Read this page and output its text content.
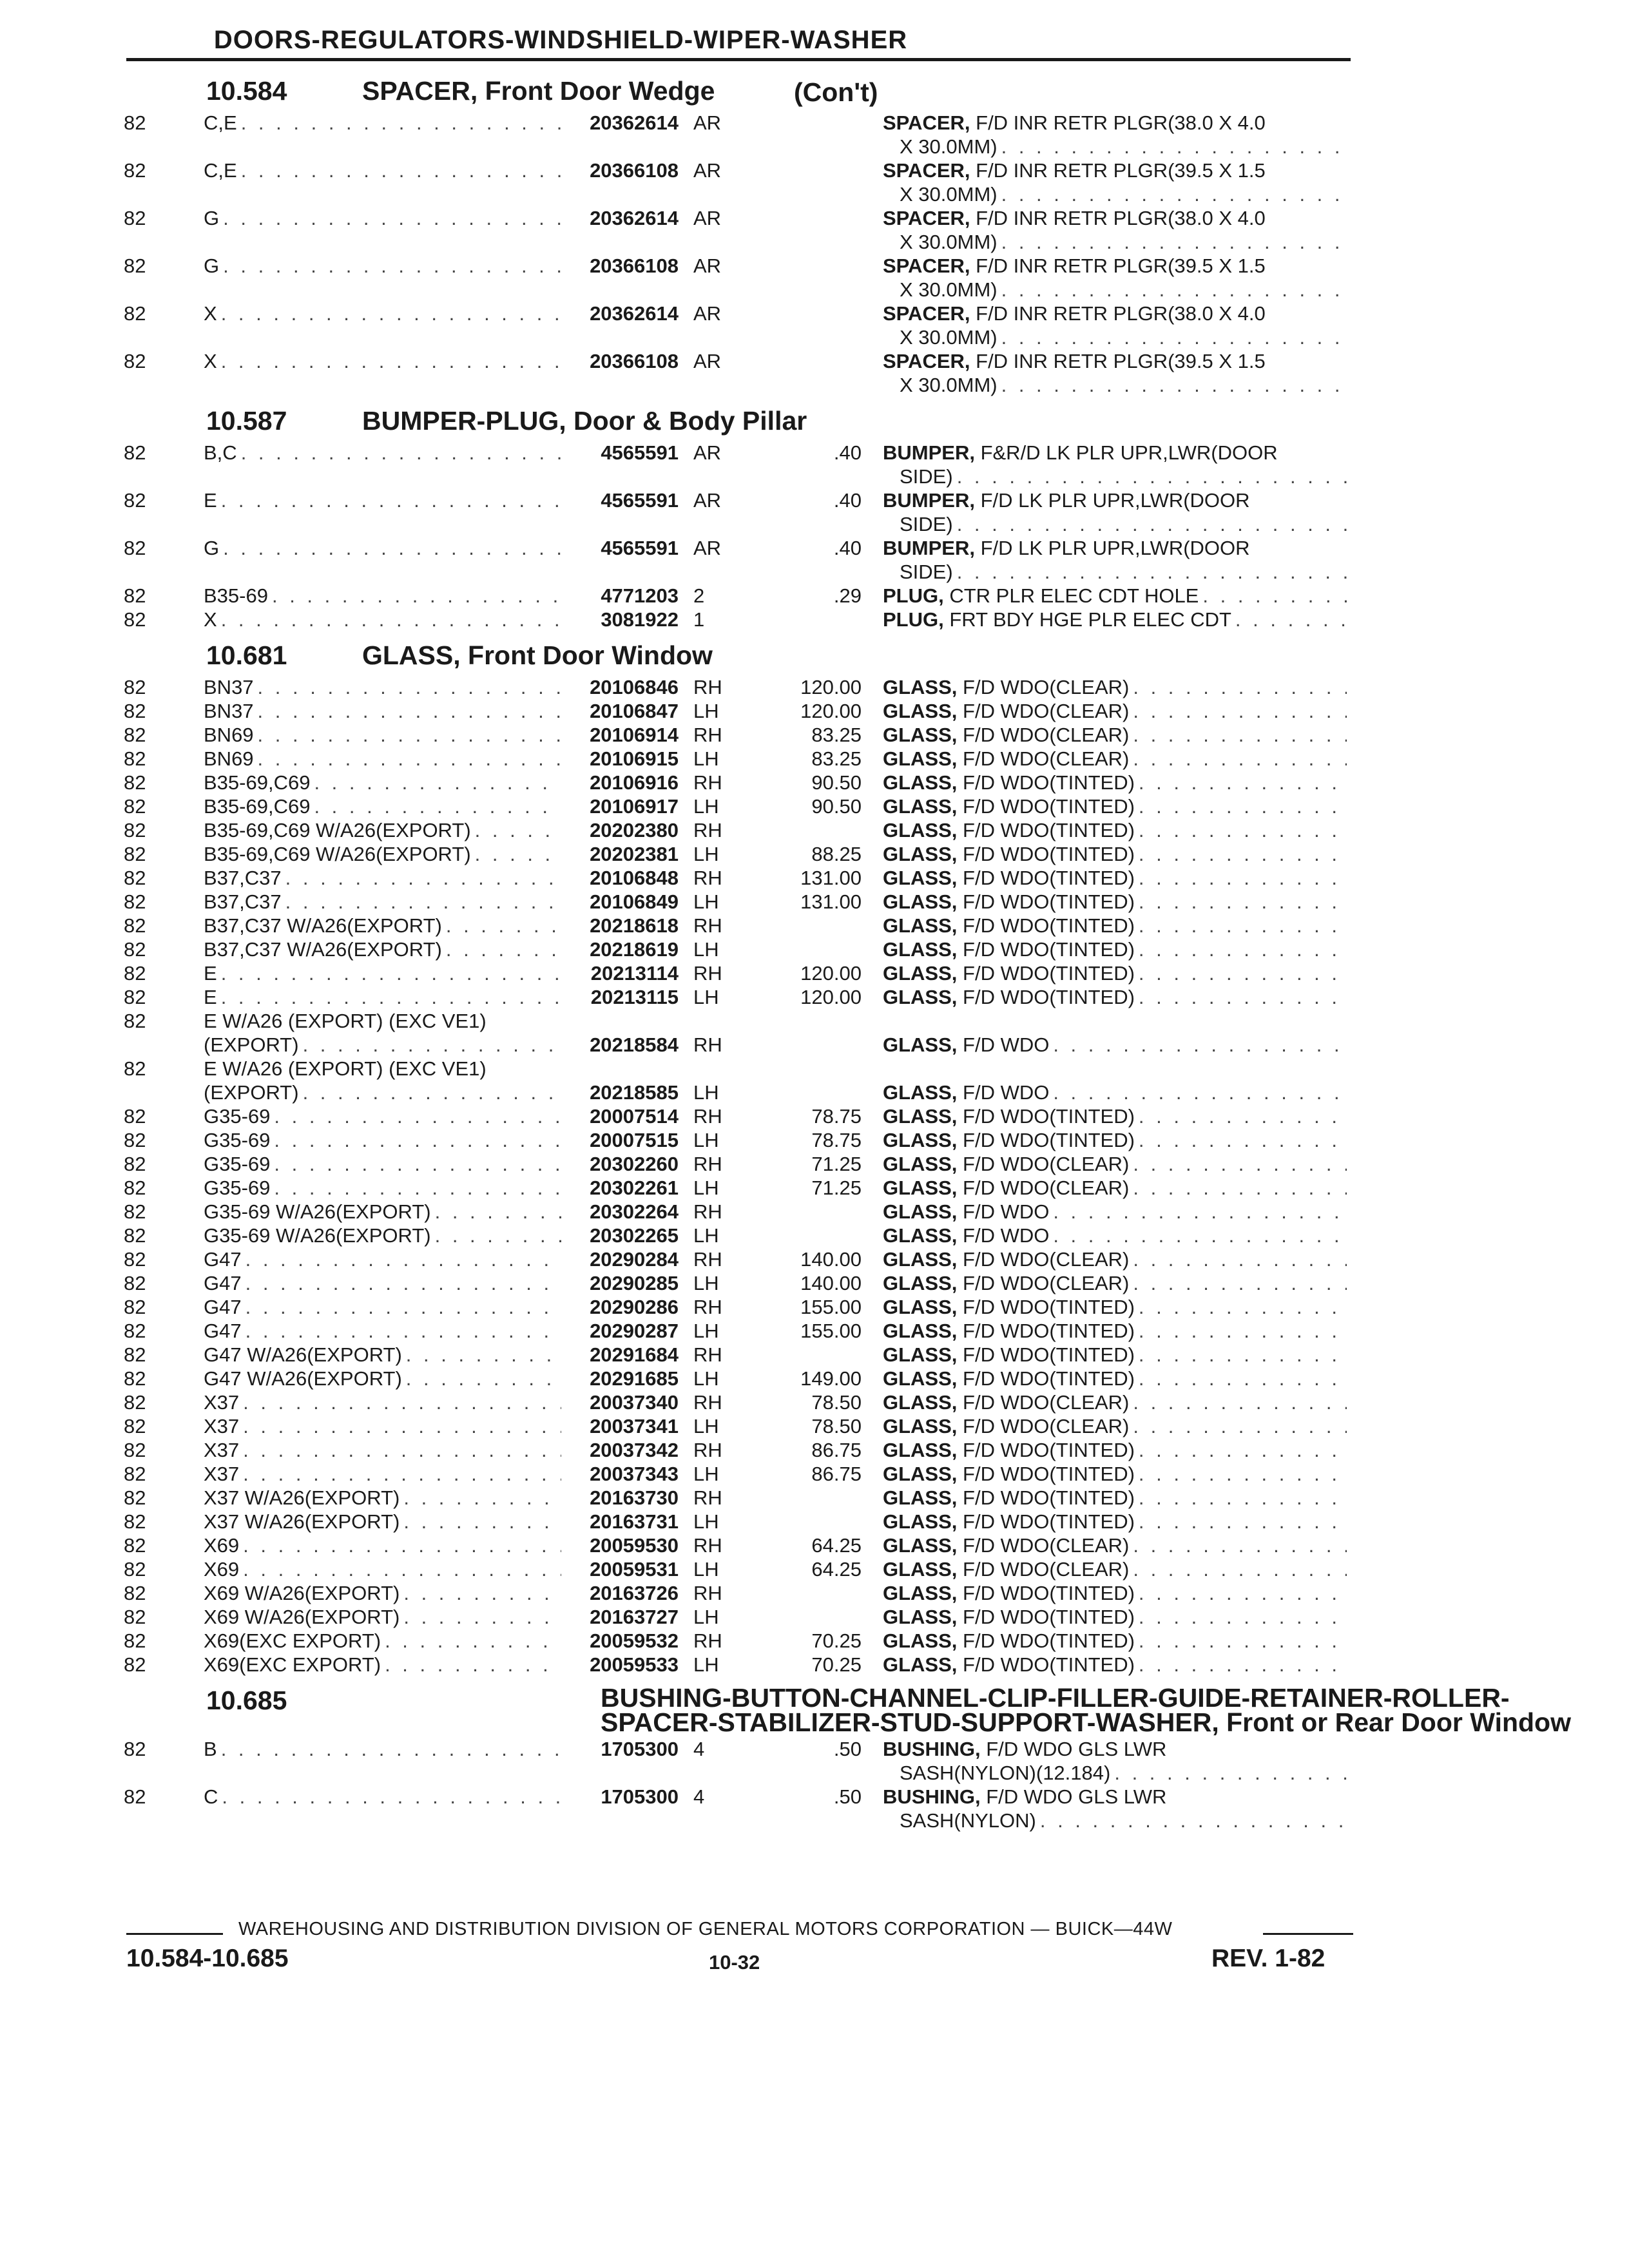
DOORS-REGULATORS-WINDSHIELD-WIPER-WASHER
10.584	SPACER, Front Door Wedge	(Con't)
82	C,E . . .	20362614 AR	SPACER, F/D INR RETR PLGR(38.0 X 4.0
X 30.0MM)
. . .
82	C,E . . .	20366108 AR	SPACER, F/D INR RETR PLGR(39.5 X 1.5
X 30.0MM)
. . .
82	G . . .	20362614 AR	SPACER, F/D INR RETR PLGR(38.0 X 4.0
X 30.0MM)
. . .
82	G . . .	20366108 AR	SPACER, F/D INR RETR PLGR(39.5 X 1.5
X 30.0MM)
. . .
82	X . . .	20362614 AR	SPACER, F/D INR RETR PLGR(38.0 X 4.0
X 30.0MM)
. . .
82	X . . .	20366108 AR	SPACER, F/D INR RETR PLGR(39.5 X 1.5
X 30.0MM)
. . .
10.587	BUMPER-PLUG, Door & Body Pillar
82	B,C . . .	4565591 AR	.40 BUMPER, F&R/D LK PLR UPR,LWR(DOOR
SIDE)
. . .
82	E . . .	4565591 AR	.40 BUMPER, F/D LK PLR UPR,LWR(DOOR
SIDE)
. . .
82	G . . .	4565591 AR	.40 BUMPER, F/D LK PLR UPR,LWR(DOOR
SIDE)
. . .
82	B35-69 . . .	4771203 2	.29 PLUG, CTR PLR ELEC CDT HOLE
. . .
82	X . . .	3081922 1	PLUG, FRT BDY HGE PLR ELEC CDT
. . .
10.681	GLASS, Front Door Window
82	BN37 . . .	20106846 RH	120.00 GLASS, F/D WDO(CLEAR)
. . .
82	BN37 . . .	20106847 LH	120.00 GLASS, F/D WDO(CLEAR)
. . .
82	BN69 . . .	20106914 RH	83.25 GLASS, F/D WDO(CLEAR)
. . .
82	BN69 . . .	20106915 LH	83.25 GLASS, F/D WDO(CLEAR)
. . .
82	B35-69,C69 . . .	20106916 RH	90.50 GLASS, F/D WDO(TINTED)
. . .
82	B35-69,C69 . . .	20106917 LH	90.50 GLASS, F/D WDO(TINTED)
. . .
82	B35-69,C69 W/A26(EXPORT) . . .	20202380 RH	GLASS, F/D WDO(TINTED)
. . .
82	B35-69,C69 W/A26(EXPORT) . . .	20202381 LH	88.25 GLASS, F/D WDO(TINTED)
. . .
82	B37,C37 . . .	20106848 RH	131.00 GLASS, F/D WDO(TINTED)
. . .
82	B37,C37 . . .	20106849 LH	131.00 GLASS, F/D WDO(TINTED)
. . .
82	B37,C37 W/A26(EXPORT) . . .	20218618 RH	GLASS, F/D WDO(TINTED)
. . .
82	B37,C37 W/A26(EXPORT) . . .	20218619 LH	GLASS, F/D WDO(TINTED)
. . .
82	E . . .	20213114 RH	120.00 GLASS, F/D WDO(TINTED)
. . .
82	E . . .	20213115 LH	120.00 GLASS, F/D WDO(TINTED)
. . .
82	E W/A26 (EXPORT) (EXC VE1)
(EXPORT) . . .	20218584 RH	GLASS, F/D WDO
. . .
82	E W/A26 (EXPORT) (EXC VE1)
(EXPORT) . . .	20218585 LH	GLASS, F/D WDO
. . .
82	G35-69 . . .	20007514 RH	78.75 GLASS, F/D WDO(TINTED)
. . .
82	G35-69 . . .	20007515 LH	78.75 GLASS, F/D WDO(TINTED)
. . .
82	G35-69 . . .	20302260 RH	71.25 GLASS, F/D WDO(CLEAR)
. . .
82	G35-69 . . .	20302261 LH	71.25 GLASS, F/D WDO(CLEAR)
. . .
82	G35-69 W/A26(EXPORT) . . .	20302264 RH	GLASS, F/D WDO
. . .
82	G35-69 W/A26(EXPORT) . . .	20302265 LH	GLASS, F/D WDO
. . .
82	G47 . . .	20290284 RH	140.00 GLASS, F/D WDO(CLEAR)
. . .
82	G47 . . .	20290285 LH	140.00 GLASS, F/D WDO(CLEAR)
. . .
82	G47 . . .	20290286 RH	155.00 GLASS, F/D WDO(TINTED)
. . .
82	G47 . . .	20290287 LH	155.00 GLASS, F/D WDO(TINTED)
. . .
82	G47 W/A26(EXPORT) . . .	20291684 RH	GLASS, F/D WDO(TINTED)
. . .
82	G47 W/A26(EXPORT) . . .	20291685 LH	149.00 GLASS, F/D WDO(TINTED)
. . .
82	X37 . . .	20037340 RH	78.50 GLASS, F/D WDO(CLEAR)
. . .
82	X37 . . .	20037341 LH	78.50 GLASS, F/D WDO(CLEAR)
. . .
82	X37 . . .	20037342 RH	86.75 GLASS, F/D WDO(TINTED)
. . .
82	X37 . . .	20037343 LH	86.75 GLASS, F/D WDO(TINTED)
. . .
82	X37 W/A26(EXPORT) . . .	20163730 RH	GLASS, F/D WDO(TINTED)
. . .
82	X37 W/A26(EXPORT) . . .	20163731 LH	GLASS, F/D WDO(TINTED)
. . .
82	X69 . . .	20059530 RH	64.25 GLASS, F/D WDO(CLEAR)
. . .
82	X69 . . .	20059531 LH	64.25 GLASS, F/D WDO(CLEAR)
. . .
82	X69 W/A26(EXPORT) . . .	20163726 RH	GLASS, F/D WDO(TINTED)
. . .
82	X69 W/A26(EXPORT) . . .	20163727 LH	GLASS, F/D WDO(TINTED)
. . .
82	X69(EXC EXPORT) . . .	20059532 RH	70.25 GLASS, F/D WDO(TINTED)
. . .
82	X69(EXC EXPORT) . . .	20059533 LH	70.25 GLASS, F/D WDO(TINTED)
. . .
10.685	BUSHING-BUTTON-CHANNEL-CLIP-FILLER-GUIDE-RETAINER-ROLLER-SPACER-STABILIZER-STUD-SUPPORT-WASHER, Front or Rear Door Window
82	B . . .	1705300 4	.50 BUSHING, F/D WDO GLS LWR
SASH(NYLON)(12.184)
. . .
82	C . . .	1705300 4	.50 BUSHING, F/D WDO GLS LWR
SASH(NYLON)
. . .
WAREHOUSING AND DISTRIBUTION DIVISION OF GENERAL MOTORS CORPORATION — BUICK—44W
10.584-10.685	10-32	REV. 1-82
